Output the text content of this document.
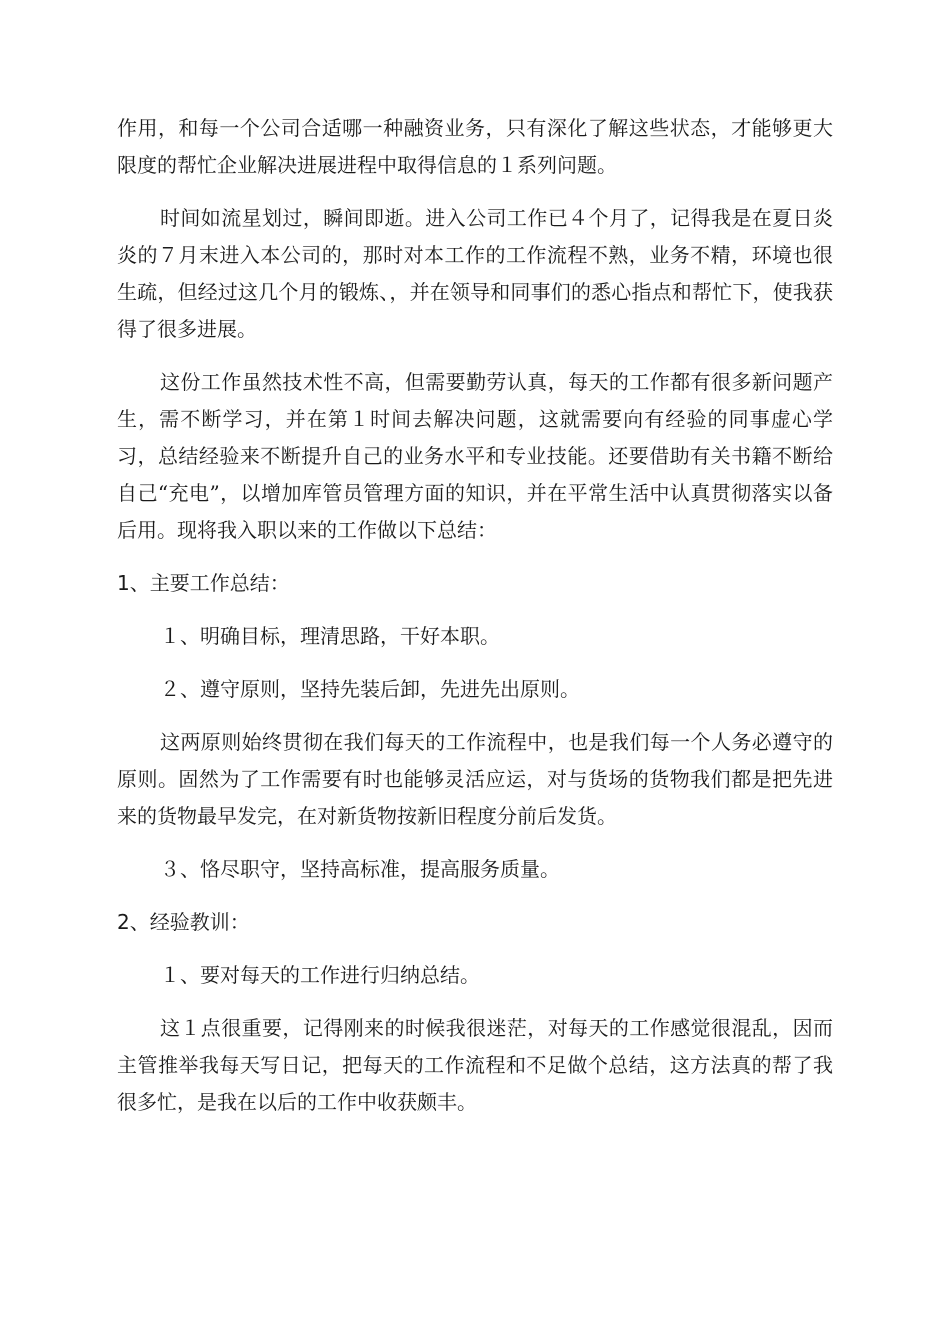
作用，和每一个公司合适哪一种融资业务，只有深化了解这些状态，才能够更大限度的帮忙企业解决进展进程中取得信息的１系列问题。

时间如流星划过，瞬间即逝。进入公司工作已４个月了，记得我是在夏日炎炎的７月末进入本公司的，那时对本工作的工作流程不熟，业务不精，环境也很生疏，但经过这几个月的锻炼、，并在领导和同事们的悉心指点和帮忙下，使我获得了很多进展。

这份工作虽然技术性不高，但需要勤劳认真，每天的工作都有很多新问题产生，需不断学习，并在第１时间去解决问题，这就需要向有经验的同事虚心学习，总结经验来不断提升自己的业务水平和专业技能。还要借助有关书籍不断给自己“充电”，以增加库管员管理方面的知识，并在平常生活中认真贯彻落实以备后用。现将我入职以来的工作做以下总结：

1、主要工作总结：

１、明确目标，理清思路，干好本职。

２、遵守原则，坚持先装后卸，先进先出原则。

这两原则始终贯彻在我们每天的工作流程中，也是我们每一个人务必遵守的原则。固然为了工作需要有时也能够灵活应运，对与货场的货物我们都是把先进来的货物最早发完，在对新货物按新旧程度分前后发货。

３、恪尽职守，坚持高标准，提高服务质量。

2、经验教训：

１、要对每天的工作进行归纳总结。

这１点很重要，记得刚来的时候我很迷茫，对每天的工作感觉很混乱，因而主管推举我每天写日记，把每天的工作流程和不足做个总结，这方法真的帮了我很多忙，是我在以后的工作中收获颇丰。
